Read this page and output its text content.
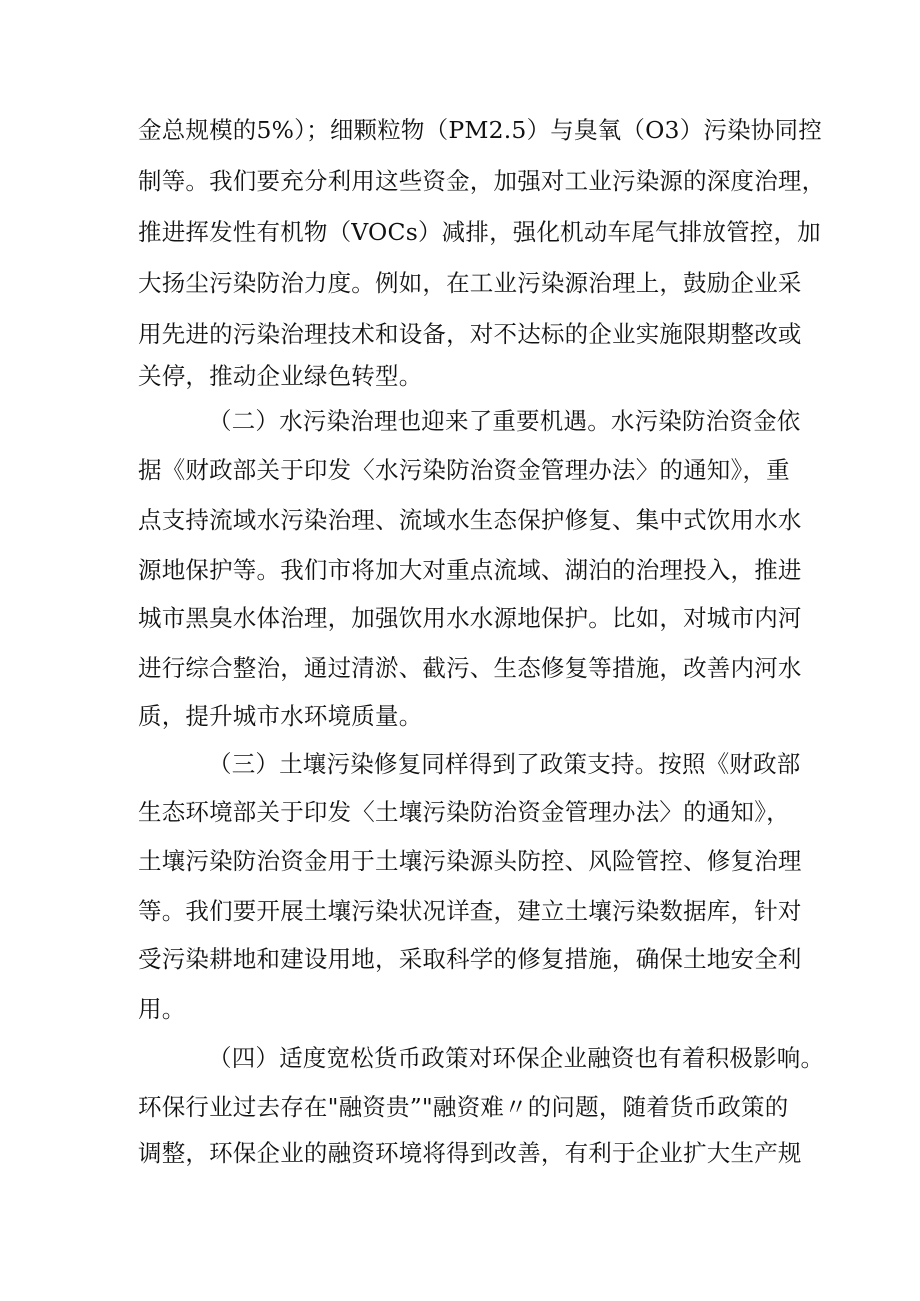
金总规模的5%）；细颗粒物（PM2.5）与臭氧（O3）污染协同控
制等。我们要充分利用这些资金，加强对工业污染源的深度治理，
推进挥发性有机物（VOCs）减排，强化机动车尾气排放管控，加
大扬尘污染防治力度。例如，在工业污染源治理上，鼓励企业采
用先进的污染治理技术和设备，对不达标的企业实施限期整改或
关停，推动企业绿色转型。
（二）水污染治理也迎来了重要机遇。水污染防治资金依
据《财政部关于印发〈水污染防治资金管理办法〉的通知》，重
点支持流域水污染治理、流域水生态保护修复、集中式饮用水水
源地保护等。我们市将加大对重点流域、湖泊的治理投入，推进
城市黑臭水体治理，加强饮用水水源地保护。比如，对城市内河
进行综合整治，通过清淤、截污、生态修复等措施，改善内河水
质，提升城市水环境质量。
（三）土壤污染修复同样得到了政策支持。按照《财政部
生态环境部关于印发〈土壤污染防治资金管理办法〉的通知》，
土壤污染防治资金用于土壤污染源头防控、风险管控、修复治理
等。我们要开展土壤污染状况详查，建立土壤污染数据库，针对
受污染耕地和建设用地，采取科学的修复措施，确保土地安全利
用。
（四）适度宽松货币政策对环保企业融资也有着积极影响。
环保行业过去存在"融资贵”"融资难〃的问题，随着货币政策的
调整，环保企业的融资环境将得到改善，有利于企业扩大生产规
